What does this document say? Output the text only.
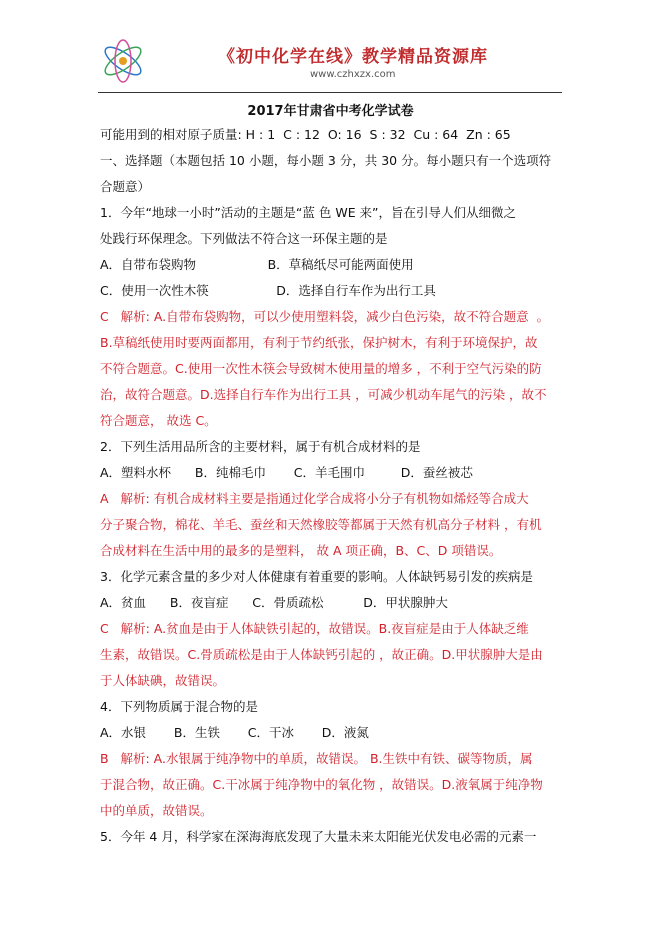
《初中化学在线》教学精品资源库
www.czhxzx.com
2017年甘肃省中考化学试卷
可能用到的相对原子质量: H : 1  C : 12  O: 16  S : 32  Cu : 64  Zn : 65
一、选择题（本题包括 10 小题，每小题 3 分，共 30 分。每小题只有一个选项符
合题意）
1．今年“地球一小时”活动的主题是“蓝 色 WE 来”，旨在引导人们从细微之
处践行环保理念。下列做法不符合这一环保主题的是
A．自带布袋购物                  B．草稿纸尽可能两面使用
C．使用一次性木筷                 D．选择自行车作为出行工具
C   解析: A.自带布袋购物，可以少使用塑料袋，减少白色污染，故不符合题意  。
B.草稿纸使用时要两面都用，有利于节约纸张，保护树木，有利于环境保护，故
不符合题意。C.使用一次性木筷会导致树木使用量的增多 ，不利于空气污染的防
治，故符合题意。D.选择自行车作为出行工具 ，可减少机动车尾气的污染 ，故不
符合题意， 故选 C。
2．下列生活用品所含的主要材料，属于有机合成材料的是
A．塑料水杯      B．纯棉毛巾       C．羊毛围巾         D．蚕丝被芯
A   解析: 有机合成材料主要是指通过化学合成将小分子有机物如烯烃等合成大
分子聚合物，棉花、羊毛、蚕丝和天然橡胶等都属于天然有机高分子材料 ，有机
合成材料在生活中用的最多的是塑料， 故 A 项正确，B、C、D 项错误。
3．化学元素含量的多少对人体健康有着重要的影响。人体缺钙易引发的疾病是
A．贫血      B．夜盲症      C．骨质疏松          D．甲状腺肿大
C   解析: A.贫血是由于人体缺铁引起的，故错误。B.夜盲症是由于人体缺乏维
生素，故错误。C.骨质疏松是由于人体缺钙引起的 ，故正确。D.甲状腺肿大是由
于人体缺碘，故错误。
4．下列物质属于混合物的是
A．水银       B．生铁       C．干冰       D．液氮
B   解析: A.水银属于纯净物中的单质，故错误。 B.生铁中有铁、碳等物质，属
于混合物，故正确。C.干冰属于纯净物中的氧化物 ，故错误。D.液氧属于纯净物
中的单质，故错误。
5．今年 4 月，科学家在深海海底发现了大量未来太阳能光伏发电必需的元素一
